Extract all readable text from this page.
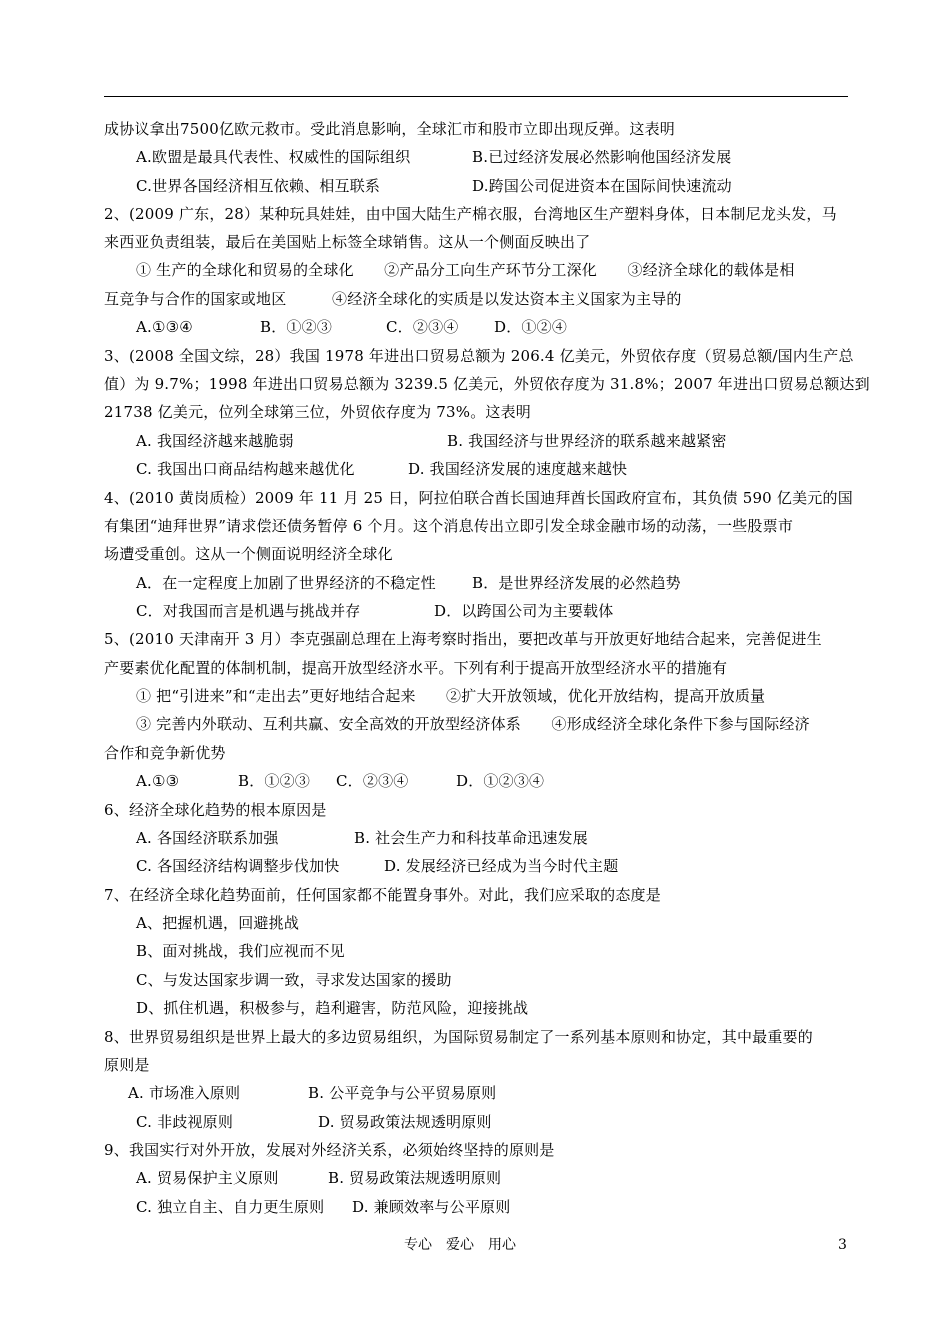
成协议拿出7500亿欧元救市。受此消息影响，全球汇市和股市立即出现反弹。这表明
A.欧盟是最具代表性、权威性的国际组织	B.已过经济发展必然影响他国经济发展
C.世界各国经济相互依赖、相互联系	D.跨国公司促进资本在国际间快速流动
2、(2009 广东，28）某种玩具娃娃，由中国大陆生产棉衣服，台湾地区生产塑料身体，日本制尼龙头发，马
来西亚负责组装，最后在美国贴上标签全球销售。这从一个侧面反映出了
① 生产的全球化和贸易的全球化　　②产品分工向生产环节分工深化　　③经济全球化的载体是相
互竞争与合作的国家或地区　　　④经济全球化的实质是以发达资本主义国家为主导的
A.①③④	B．①②③	C．②③④ D．①②④
3、(2008 全国文综，28）我国 1978 年进出口贸易总额为 206.4 亿美元，外贸依存度（贸易总额/国内生产总
值）为 9.7%；1998 年进出口贸易总额为 3239.5 亿美元，外贸依存度为 31.8%；2007 年进出口贸易总额达到
21738 亿美元，位列全球第三位，外贸依存度为 73%。这表明
A. 我国经济越来越脆弱	B. 我国经济与世界经济的联系越来越紧密
C. 我国出口商品结构越来越优化	D. 我国经济发展的速度越来越快
4、(2010 黄岗质检）2009 年 11 月 25 日，阿拉伯联合酋长国迪拜酋长国政府宣布，其负债 590 亿美元的国
有集团“迪拜世界”请求偿还债务暂停 6 个月。这个消息传出立即引发全球金融市场的动荡，一些股票市
场遭受重创。这从一个侧面说明经济全球化
A．在一定程度上加剧了世界经济的不稳定性 B．是世界经济发展的必然趋势
C．对我国而言是机遇与挑战并存	D．以跨国公司为主要载体
5、(2010 天津南开 3 月）李克强副总理在上海考察时指出，要把改革与开放更好地结合起来，完善促进生
产要素优化配置的体制机制，提高开放型经济水平。下列有利于提高开放型经济水平的措施有
① 把“引进来”和“走出去”更好地结合起来　　②扩大开放领域，优化开放结构，提高开放质量
③ 完善内外联动、互利共赢、安全高效的开放型经济体系　　④形成经济全球化条件下参与国际经济
合作和竞争新优势
A.①③	B．①②③ C．②③④	D．①②③④
6、经济全球化趋势的根本原因是
A. 各国经济联系加强	B. 社会生产力和科技革命迅速发展
C. 各国经济结构调整步伐加快	D. 发展经济已经成为当今时代主题
7、在经济全球化趋势面前，任何国家都不能置身事外。对此，我们应采取的态度是
A、把握机遇，回避挑战
B、面对挑战，我们应视而不见
C、与发达国家步调一致，寻求发达国家的援助
D、抓住机遇，积极参与，趋利避害，防范风险，迎接挑战
8、世界贸易组织是世界上最大的多边贸易组织，为国际贸易制定了一系列基本原则和协定，其中最重要的
原则是
A. 市场准入原则	B. 公平竞争与公平贸易原则
C. 非歧视原则	D. 贸易政策法规透明原则
9、我国实行对外开放，发展对外经济关系，必须始终坚持的原则是
A. 贸易保护主义原则	B. 贸易政策法规透明原则
C. 独立自主、自力更生原则 D. 兼顾效率与公平原则
专心　爱心　用心	3
